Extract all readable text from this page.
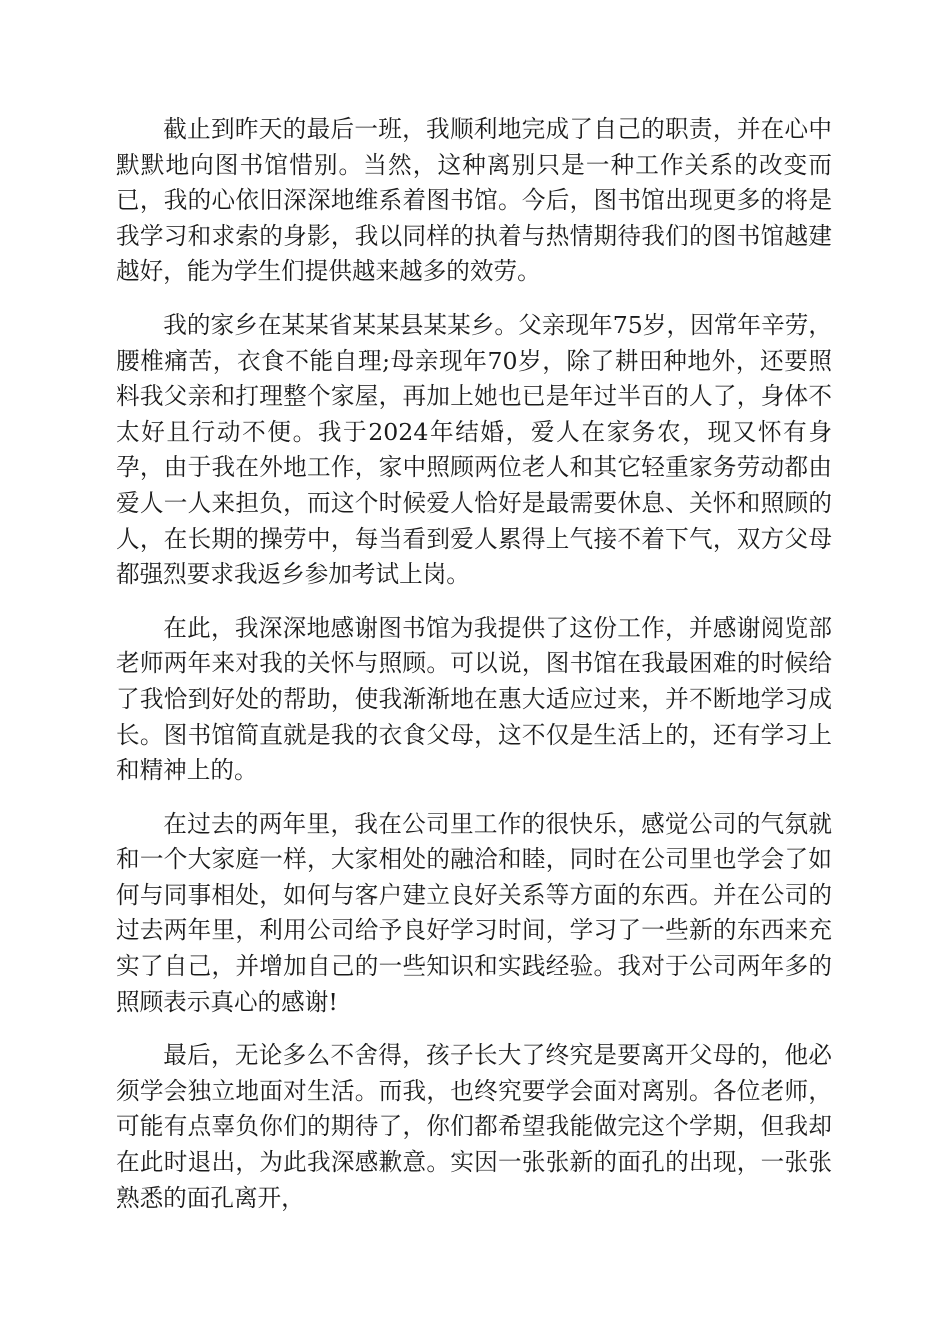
截止到昨天的最后一班，我顺利地完成了自己的职责，并在心中默默地向图书馆惜别。当然，这种离别只是一种工作关系的改变而已，我的心依旧深深地维系着图书馆。今后，图书馆出现更多的将是我学习和求索的身影，我以同样的执着与热情期待我们的图书馆越建越好，能为学生们提供越来越多的效劳。

我的家乡在某某省某某县某某乡。父亲现年75岁，因常年辛劳，腰椎痛苦，衣食不能自理;母亲现年70岁，除了耕田种地外，还要照料我父亲和打理整个家屋，再加上她也已是年过半百的人了，身体不太好且行动不便。我于2024年结婚，爱人在家务农，现又怀有身孕，由于我在外地工作，家中照顾两位老人和其它轻重家务劳动都由爱人一人来担负，而这个时候爱人恰好是最需要休息、关怀和照顾的人，在长期的操劳中，每当看到爱人累得上气接不着下气，双方父母都强烈要求我返乡参加考试上岗。

在此，我深深地感谢图书馆为我提供了这份工作，并感谢阅览部老师两年来对我的关怀与照顾。可以说，图书馆在我最困难的时候给了我恰到好处的帮助，使我渐渐地在惠大适应过来，并不断地学习成长。图书馆简直就是我的衣食父母，这不仅是生活上的，还有学习上和精神上的。

在过去的两年里，我在公司里工作的很快乐，感觉公司的气氛就和一个大家庭一样，大家相处的融洽和睦，同时在公司里也学会了如何与同事相处，如何与客户建立良好关系等方面的东西。并在公司的过去两年里，利用公司给予良好学习时间，学习了一些新的东西来充实了自己，并增加自己的一些知识和实践经验。我对于公司两年多的照顾表示真心的感谢!

最后，无论多么不舍得，孩子长大了终究是要离开父母的，他必须学会独立地面对生活。而我，也终究要学会面对离别。各位老师，可能有点辜负你们的期待了，你们都希望我能做完这个学期，但我却在此时退出，为此我深感歉意。实因一张张新的面孔的出现，一张张熟悉的面孔离开，
